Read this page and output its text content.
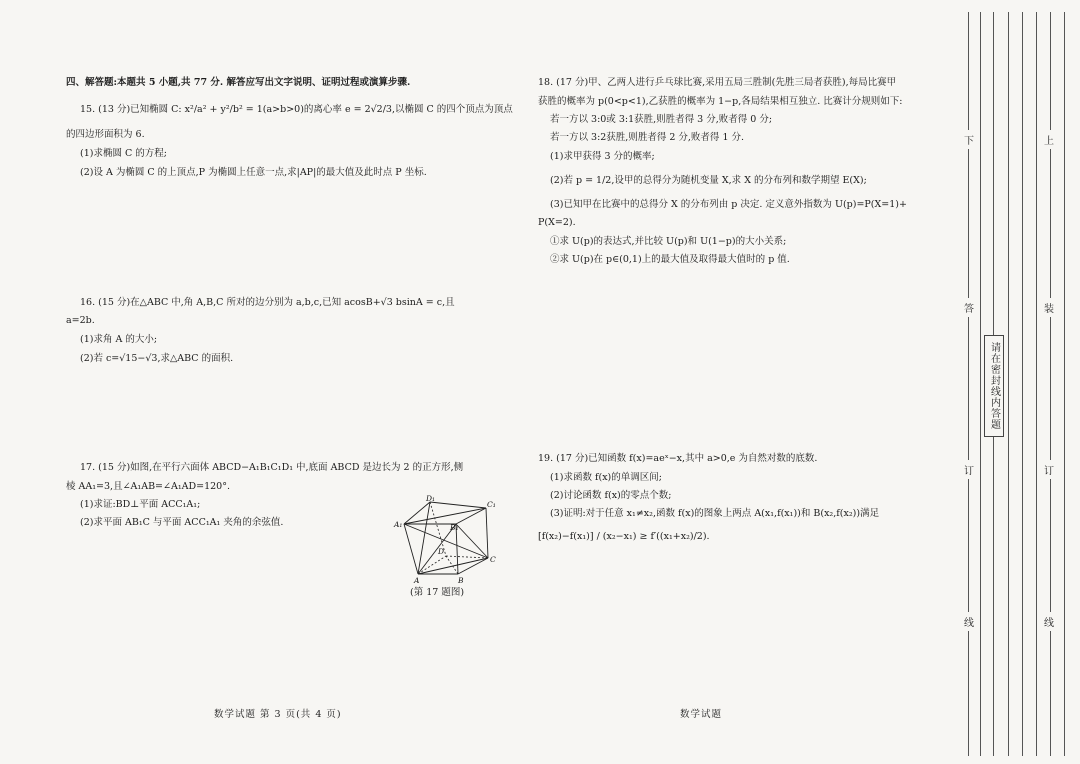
四、解答题:本题共 5 小题,共 77 分. 解答应写出文字说明、证明过程或演算步骤.
15. (13 分)已知椭圆 C: x²/a² + y²/b² = 1(a>b>0)的离心率 e = 2√2/3,以椭圆 C 的四个顶点为顶点
的四边形面积为 6.
(1)求椭圆 C 的方程;
(2)设 A 为椭圆 C 的上顶点,P 为椭圆上任意一点,求|AP|的最大值及此时点 P 坐标.
16. (15 分)在△ABC 中,角 A,B,C 所对的边分别为 a,b,c,已知 acosB+√3 bsinA = c,且
a=2b.
(1)求角 A 的大小;
(2)若 c=√15−√3,求△ABC 的面积.
17. (15 分)如图,在平行六面体 ABCD−A₁B₁C₁D₁ 中,底面 ABCD 是边长为 2 的正方形,侧
棱 AA₁=3,且∠A₁AB=∠A₁AD=120°.
(1)求证:BD⊥平面 ACC₁A₁;
(2)求平面 AB₁C 与平面 ACC₁A₁ 夹角的余弦值.
D₁
C₁
A₁	B₁
D
A	B
C
(第 17 题图)
数学试题 第 3 页(共 4 页)
18. (17 分)甲、乙两人进行乒乓球比赛,采用五局三胜制(先胜三局者获胜),每局比赛甲
获胜的概率为 p(0<p<1),乙获胜的概率为 1−p,各局结果相互独立. 比赛计分规则如下:
若一方以 3:0或 3:1获胜,则胜者得 3 分,败者得 0 分;
若一方以 3:2获胜,则胜者得 2 分,败者得 1 分.
(1)求甲获得 3 分的概率;
(2)若 p = 1/2,设甲的总得分为随机变量 X,求 X 的分布列和数学期望 E(X);
(3)已知甲在比赛中的总得分 X 的分布列由 p 决定. 定义意外指数为 U(p)=P(X=1)+
P(X=2).
①求 U(p)的表达式,并比较 U(p)和 U(1−p)的大小关系;
②求 U(p)在 p∈(0,1)上的最大值及取得最大值时的 p 值.
19. (17 分)已知函数 f(x)=aeˣ−x,其中 a>0,e 为自然对数的底数.
(1)求函数 f(x)的单调区间;
(2)讨论函数 f(x)的零点个数;
(3)证明:对于任意 x₁≠x₂,函数 f(x)的图象上两点 A(x₁,f(x₁))和 B(x₂,f(x₂))满足
[f(x₂)−f(x₁)] / (x₂−x₁) ≥ f′((x₁+x₂)/2).
数学试题
下
答
订
线
请在密封线内答题
上
装
订
线
